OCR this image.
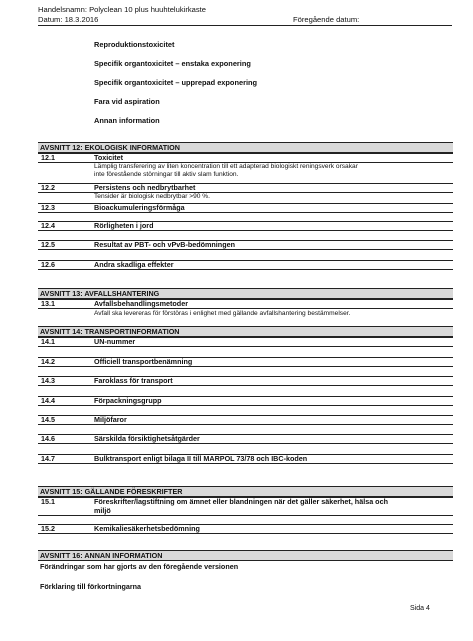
Handelsnamn: Polyclean 10 plus huuhtelukirkaste
Datum: 18.3.2016	Föregående datum:
Reproduktionstoxicitet
Specifik organtoxicitet – enstaka exponering
Specifik organtoxicitet – upprepad exponering
Fara vid aspiration
Annan information
AVSNITT 12: EKOLOGISK INFORMATION
12.1	Toxicitet
Lämplig transferering av liten koncentration till ett adapterad biologiskt reningsverk orsakar
inte förestående störningar till aktiv slam funktion.
12.2	Persistens och nedbrytbarhet
Tensider är biologisk nedbrytbar >90 %.
12.3	Bioackumuleringsförmåga
12.4	Rörligheten i jord
12.5	Resultat av PBT- och vPvB-bedömningen
12.6	Andra skadliga effekter
AVSNITT 13: AVFALLSHANTERING
13.1	Avfallsbehandlingsmetoder
Avfall ska levereras för förstöras i enlighet med gällande avfallshantering bestämmelser.
AVSNITT 14: TRANSPORTINFORMATION
14.1	UN-nummer
14.2	Officiell transportbenämning
14.3	Faroklass för transport
14.4	Förpackningsgrupp
14.5	Miljöfaror
14.6	Särskilda försiktighetsåtgärder
14.7	Bulktransport enligt bilaga II till MARPOL 73/78 och IBC-koden
AVSNITT 15: GÄLLANDE FÖRESKRIFTER
15.1	Föreskrifter/lagstiftning om ämnet eller blandningen när det gäller säkerhet, hälsa och
miljö
15.2	Kemikaliesäkerhetsbedömning
AVSNITT 16: ANNAN INFORMATION
Förändringar som har gjorts av den föregående versionen
Förklaring till förkortningarna
Sida 4
